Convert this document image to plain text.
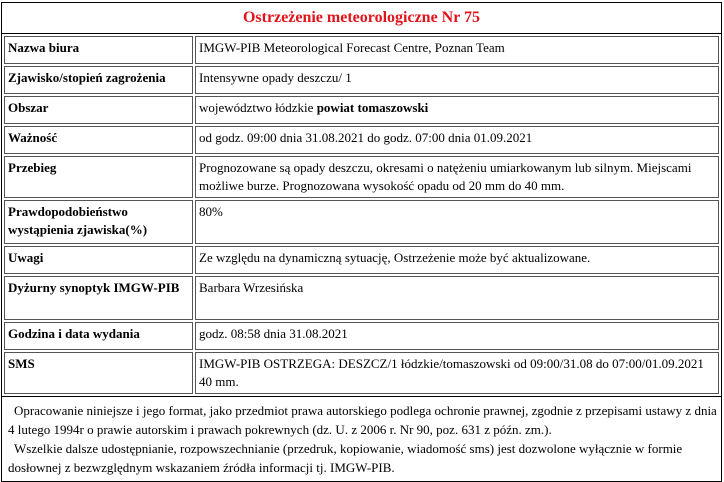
Ostrzeżenie meteorologiczne Nr 75
Nazwa biura	IMGW-PIB Meteorological Forecast Centre, Poznan Team
Zjawisko/stopień zagrożenia	Intensywne opady deszczu/ 1
Obszar	województwo łódzkie powiat tomaszowski
Ważność	od godz. 09:00 dnia 31.08.2021 do godz. 07:00 dnia 01.09.2021
Przebieg	Prognozowane są opady deszczu, okresami o natężeniu umiarkowanym lub silnym. Miejscami możliwe burze. Prognozowana wysokość opadu od 20 mm do 40 mm.
Prawdopodobieństwo wystąpienia zjawiska(%)	80%
Uwagi	Ze względu na dynamiczną sytuację, Ostrzeżenie może być aktualizowane.
Dyżurny synoptyk IMGW-PIB	Barbara Wrzesińska
Godzina i data wydania	godz. 08:58 dnia 31.08.2021
SMS	IMGW-PIB OSTRZEGA: DESZCZ/1 łódzkie/tomaszowski od 09:00/31.08 do 07:00/01.09.2021 40 mm.

Opracowanie niniejsze i jego format, jako przedmiot prawa autorskiego podlega ochronie prawnej, zgodnie z przepisami ustawy z dnia 4 lutego 1994r o prawie autorskim i prawach pokrewnych (dz. U. z 2006 r. Nr 90, poz. 631 z późn. zm.).

Wszelkie dalsze udostępnianie, rozpowszechnianie (przedruk, kopiowanie, wiadomość sms) jest dozwolone wyłącznie w formie dosłownej z bezwzględnym wskazaniem źródła informacji tj. IMGW-PIB.
